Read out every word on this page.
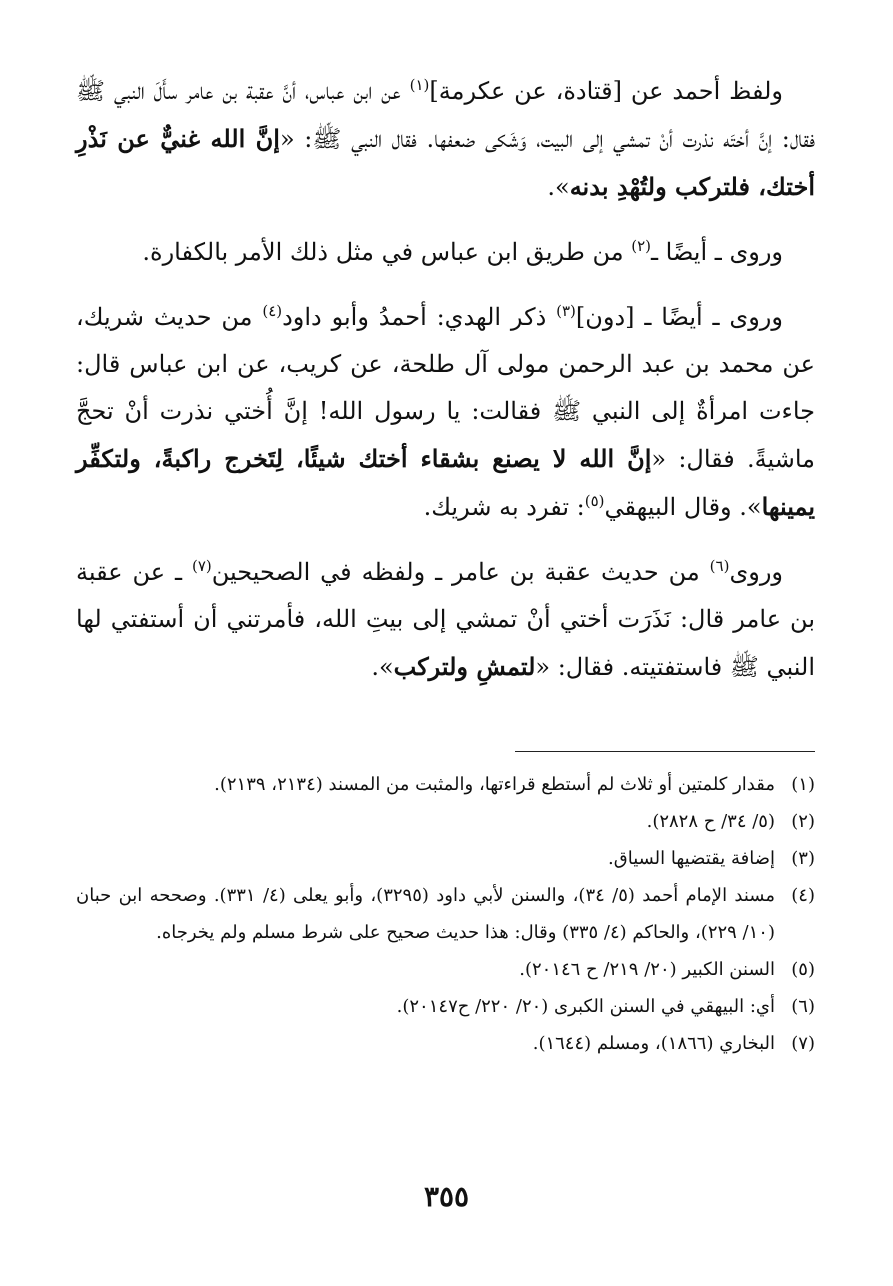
ولفظ أحمد عن [قتادة، عن عكرمة]$^{(١)}$ عن ابن عباس، أنَّ عقبة بن عامر سأَلَ النبي ﷺ فقال: إنَّ أختَه نذرت أنْ تمشي إلى البيت، وَشَكى ضعفها. فقال النبي ﷺ: «إنَّ الله غنيٌّ عن نَذْرِ أختك، فلتركب ولتُهْدِ بدنه».

وروى ـ أيضًا ـ$^{(٢)}$ من طريق ابن عباس في مثل ذلك الأمر بالكفارة.

وروى ـ أيضًا ـ [دون]$^{(٣)}$ ذكر الهدي: أحمدُ وأبو داود$^{(٤)}$ من حديث شريك، عن محمد بن عبد الرحمن مولى آل طلحة، عن كريب، عن ابن عباس قال: جاءت امرأةٌ إلى النبي ﷺ فقالت: يا رسول الله! إنَّ أُختي نذرت أنْ تحجَّ ماشيةً. فقال: «إنَّ الله لا يصنع بشقاء أختك شيئًا، لِتَخرج راكبةً، ولتكفِّر يمينها». وقال البيهقي$^{(٥)}$: تفرد به شريك.

وروى$^{(٦)}$ من حديث عقبة بن عامر ـ ولفظه في الصحيحين$^{(٧)}$ ـ عن عقبة بن عامر قال: نَذَرَت أختي أنْ تمشي إلى بيتِ الله، فأمرتني أن أستفتي لها النبي ﷺ فاستفتيته. فقال: «لتمشِ ولتركب».

(١)
مقدار كلمتين أو ثلاث لم أستطع قراءتها، والمثبت من المسند (٢١٣٤، ٢١٣٩).
(٢)
(٥/ ٣٤/ ح ٢٨٢٨).
(٣)
إضافة يقتضيها السياق.
(٤)
مسند الإمام أحمد (٥/ ٣٤)، والسنن لأبي داود (٣٢٩٥)، وأبو يعلى (٤/ ٣٣١). وصححه ابن حبان (١٠/ ٢٢٩)، والحاكم (٤/ ٣٣٥) وقال: هذا حديث صحيح على شرط مسلم ولم يخرجاه.
(٥)
السنن الكبير (٢٠/ ٢١٩/ ح ٢٠١٤٦).
(٦)
أي: البيهقي في السنن الكبرى (٢٠/ ٢٢٠/ ح٢٠١٤٧).
(٧)
البخاري (١٨٦٦)، ومسلم (١٦٤٤).
٣٥٥
